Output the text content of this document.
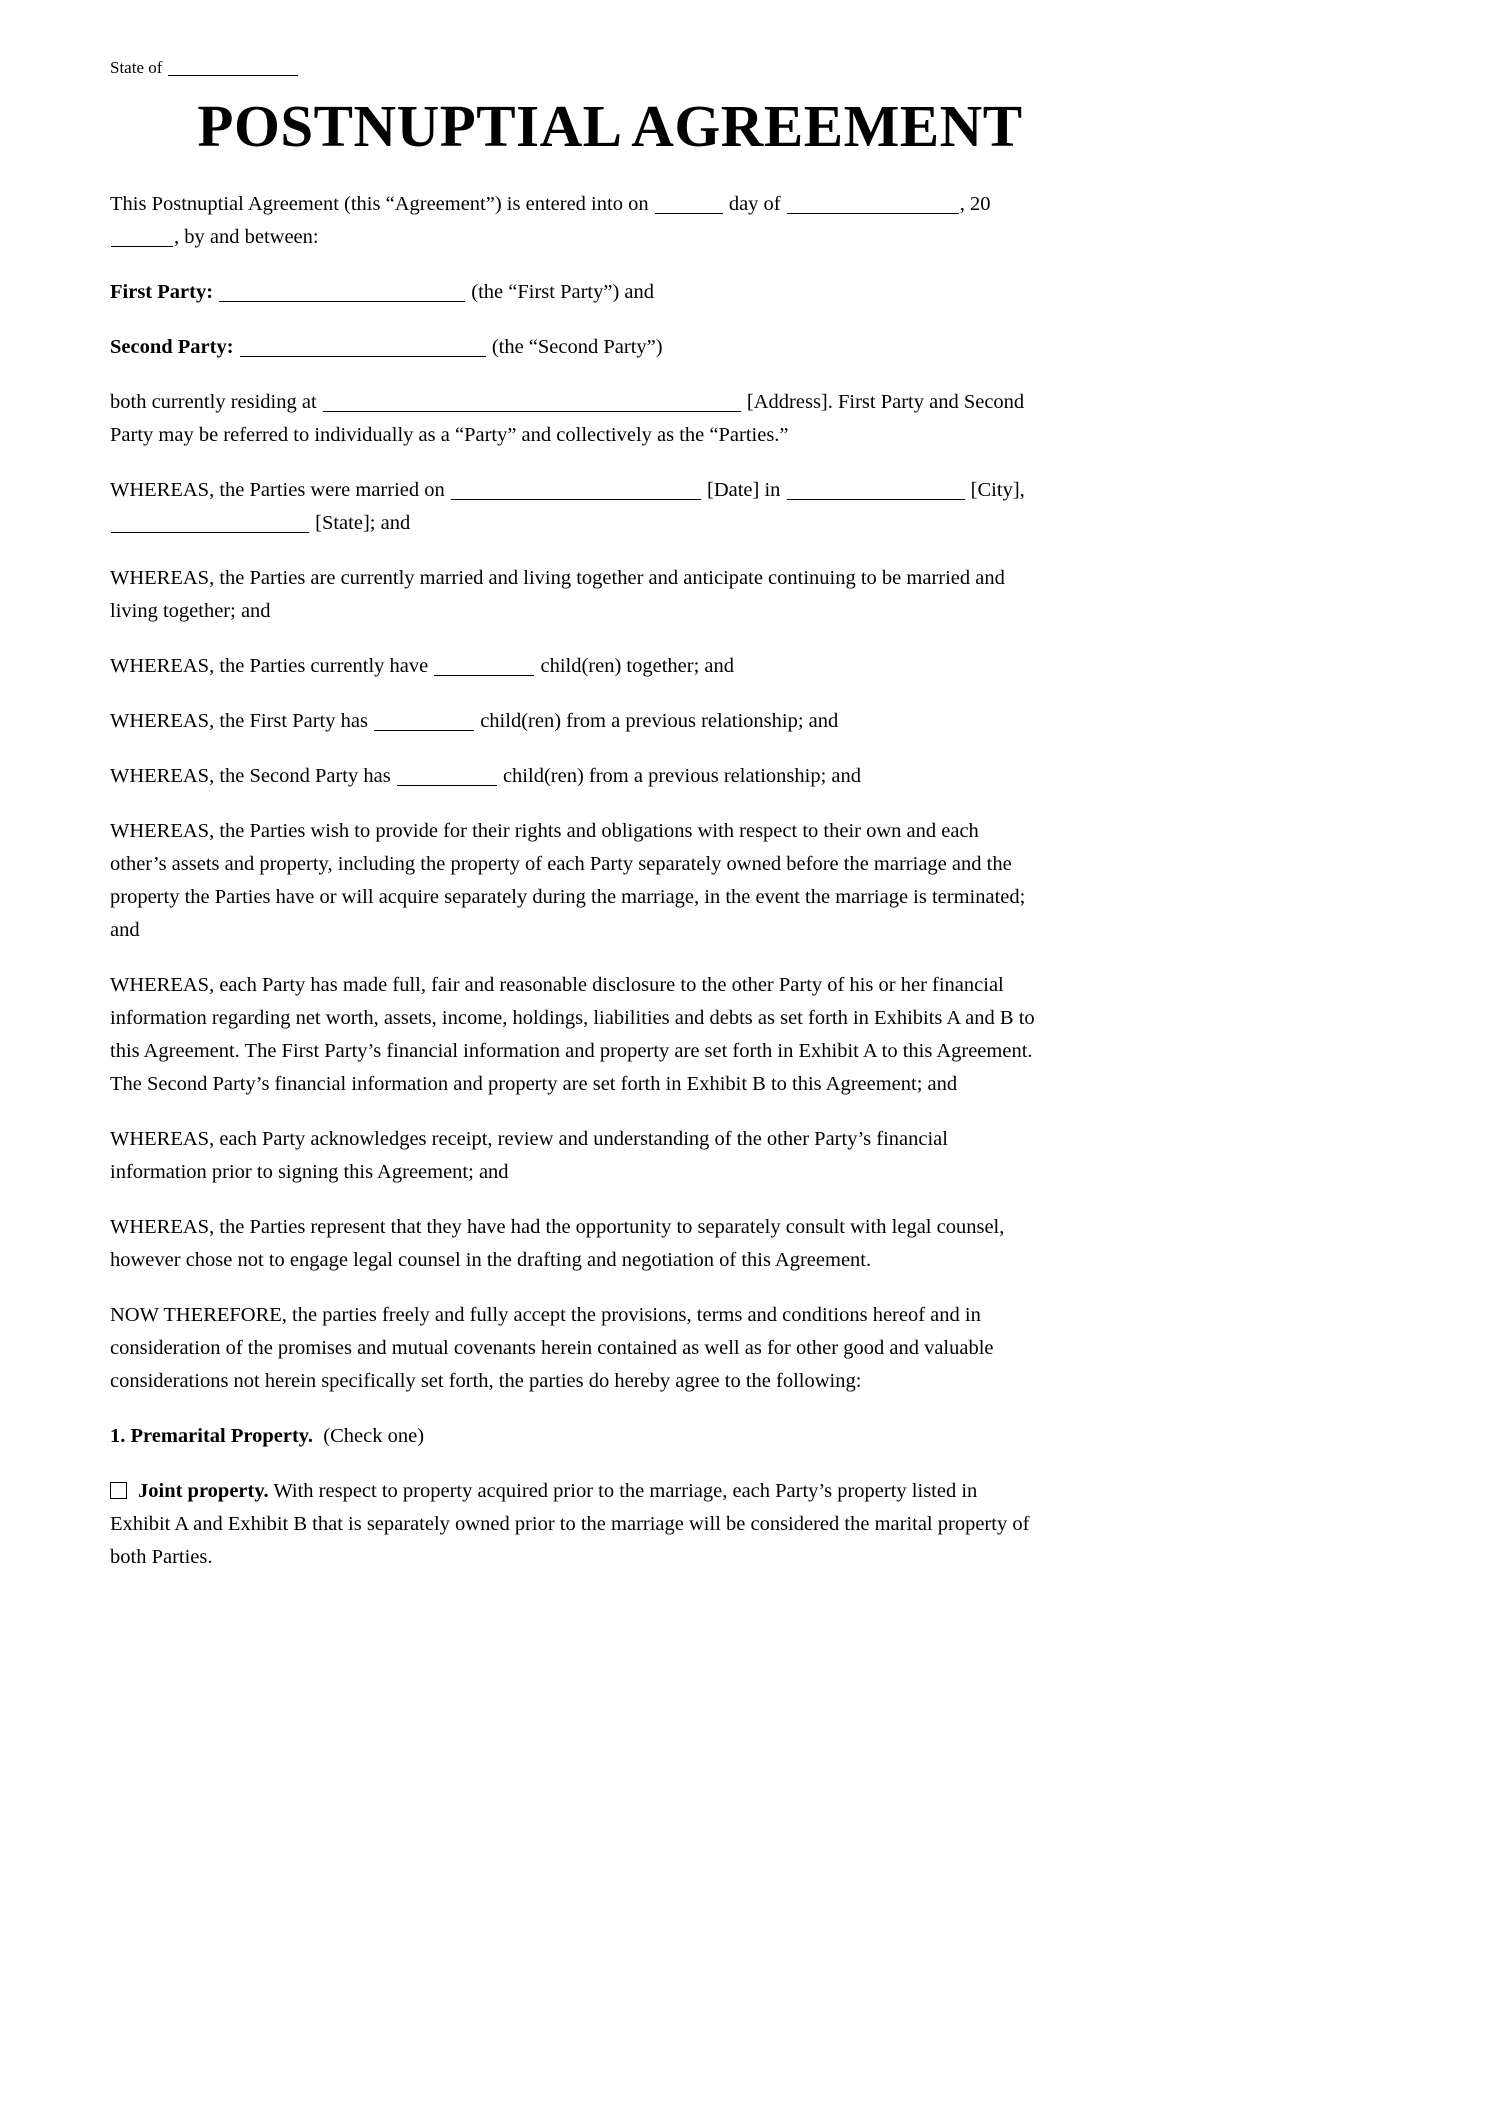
State of
POSTNUPTIAL AGREEMENT

This Postnuptial Agreement (this “Agreement”) is entered into on	day of	, 20, by and between:

First Party:	(the “First Party”) and

Second Party:	(the “Second Party”)

both currently residing at	[Address]. First Party and Second Party may be referred to individually as a “Party” and collectively as the “Parties.”

WHEREAS, the Parties were married on	[Date] in	[City],  [State]; and

WHEREAS, the Parties are currently married and living together and anticipate continuing to be married and living together; and

WHEREAS, the Parties currently have	child(ren) together; and

WHEREAS, the First Party has	child(ren) from a previous relationship; and

WHEREAS, the Second Party has	child(ren) from a previous relationship; and

WHEREAS, the Parties wish to provide for their rights and obligations with respect to their own and each other’s assets and property, including the property of each Party separately owned before the marriage and the property the Parties have or will acquire separately during the marriage, in the event the marriage is terminated; and

WHEREAS, each Party has made full, fair and reasonable disclosure to the other Party of his or her financial information regarding net worth, assets, income, holdings, liabilities and debts as set forth in Exhibits A and B to this Agreement. The First Party’s financial information and property are set forth in Exhibit A to this Agreement. The Second Party’s financial information and property are set forth in Exhibit B to this Agreement; and

WHEREAS, each Party acknowledges receipt, review and understanding of the other Party’s financial information prior to signing this Agreement; and

WHEREAS, the Parties represent that they have had the opportunity to separately consult with legal counsel, however chose not to engage legal counsel in the drafting and negotiation of this Agreement.

NOW THEREFORE, the parties freely and fully accept the provisions, terms and conditions hereof and in consideration of the promises and mutual covenants herein contained as well as for other good and valuable considerations not herein specifically set forth, the parties do hereby agree to the following:

1. Premarital Property. (Check one)

Joint property. With respect to property acquired prior to the marriage, each Party’s property listed in Exhibit A and Exhibit B that is separately owned prior to the marriage will be considered the marital property of both Parties.
